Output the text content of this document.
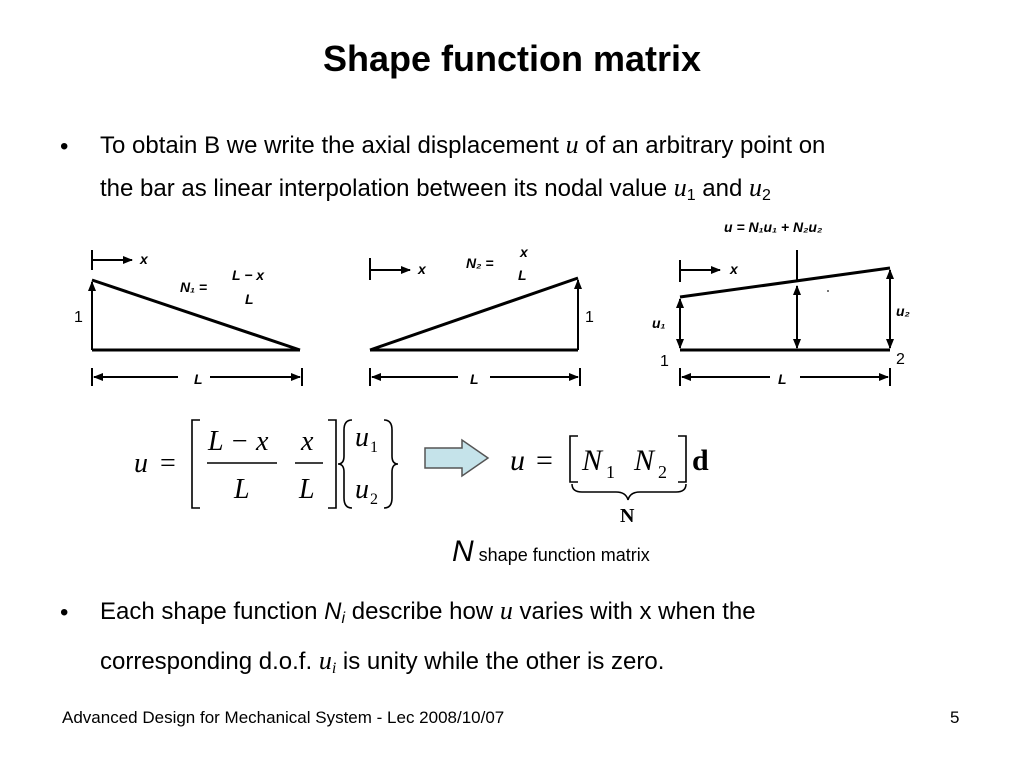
Shape function matrix
• To obtain B we write the axial displacement u of an arbitrary point on
the bar as linear interpolation between its nodal value $u_1$ and $u_2$
x
N₁ =
L − x
L
L
x	N₂ =
x
L
L
u = N₁u₁ + N₂u₂
x
u₁
u₂
L
1	1
1	2
u =
L − x
L
x
L
u 1
u 2
u = N 1 N 2 d
N
N shape function matrix
• Each shape function $N_i$ describe how u varies with x when the
corresponding d.o.f. $u_i$ is unity while the other is zero.
Advanced Design for Mechanical System - Lec 2008/10/07	5
